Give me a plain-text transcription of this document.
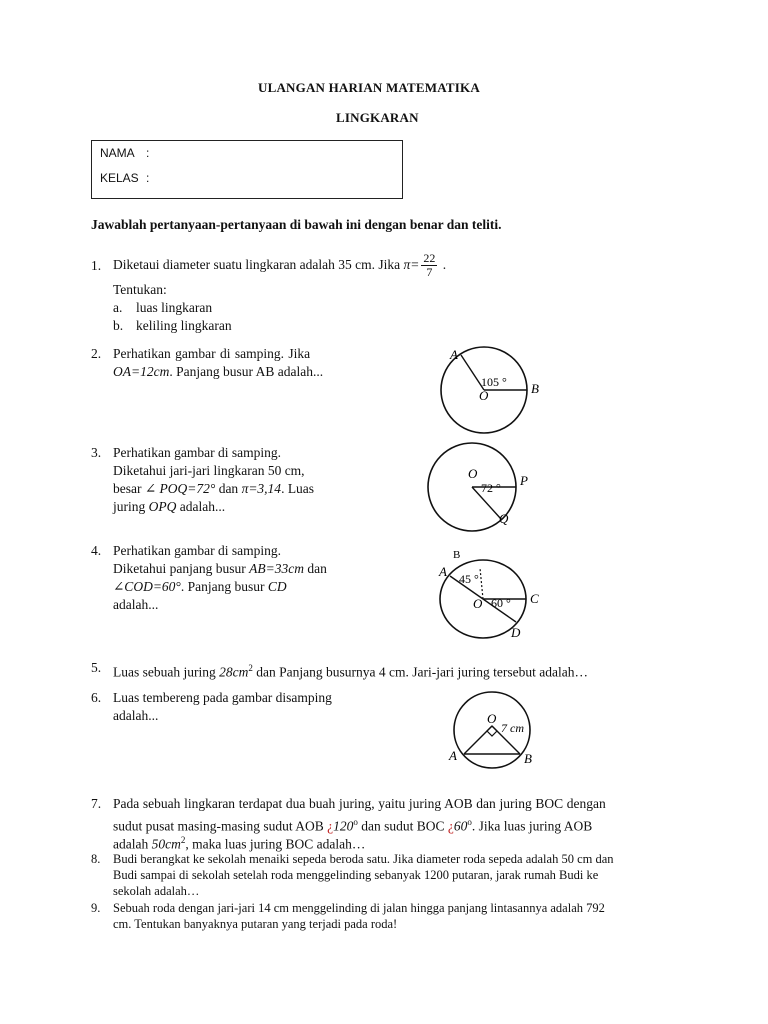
ULANGAN HARIAN MATEMATIKA
LINGKARAN
NAMA :
KELAS :
Jawablah pertanyaan-pertanyaan di bawah ini dengan benar dan teliti.
1. Diketaui diameter suatu lingkaran adalah 35 cm. Jika $\pi= \frac{22}{7}$ .
Tentukan:
a. luas lingkaran
b. keliling lingkaran
2. Perhatikan gambar di samping. Jika
OA=12cm. Panjang busur AB adalah...
A
O	B
105 °
3. Perhatikan gambar di samping.
Diketahui jari-jari lingkaran 50 cm,
besar ∠ POQ=72° dan π=3,14. Luas
juring OPQ adalah...
O	P
Q
72 °
4. Perhatikan gambar di samping.
Diketahui panjang busur AB=33cm dan
∠COD=60°. Panjang busur CD
adalah...
B
A
O	C
D
45 °
60 °
5. Luas sebuah juring $28cm^2$ dan Panjang busurnya 4 cm. Jari-jari juring tersebut adalah…
6. Luas tembereng pada gambar disamping
adalah...	O
7 cm
A	B
7. Pada sebuah lingkaran terdapat dua buah juring, yaitu juring AOB dan juring BOC dengan
sudut pusat masing-masing sudut AOB ¿120$^o$ dan sudut BOC ¿60$^o$. Jika luas juring AOB
adalah $50cm^2$, maka luas juring BOC adalah…
8. Budi berangkat ke sekolah menaiki sepeda beroda satu. Jika diameter roda sepeda adalah 50 cm dan
Budi sampai di sekolah setelah roda menggelinding sebanyak 1200 putaran, jarak rumah Budi ke
sekolah adalah…
9. Sebuah roda dengan jari-jari 14 cm menggelinding di jalan hingga panjang lintasannya adalah 792
cm. Tentukan banyaknya putaran yang terjadi pada roda!
